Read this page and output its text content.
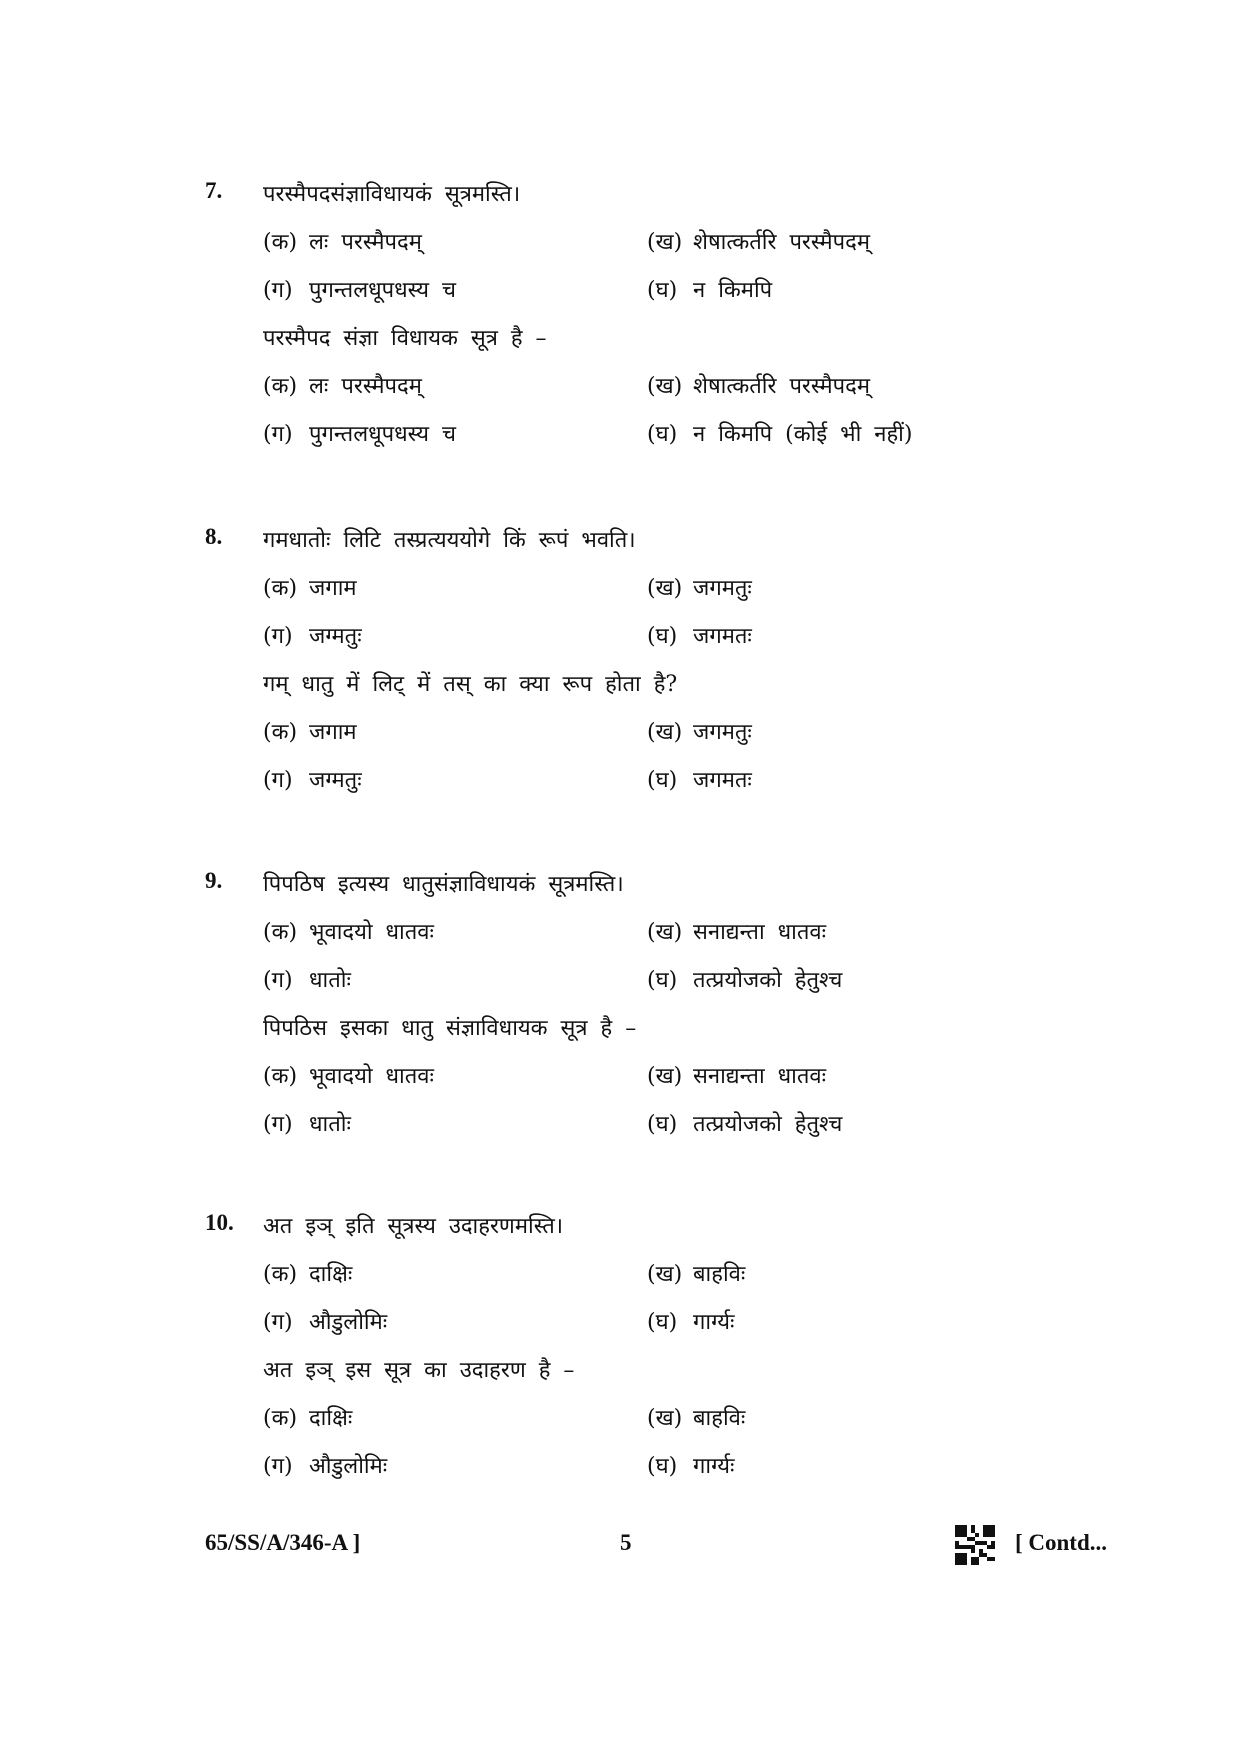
7. परस्मैपदसंज्ञाविधायकं सूत्रमस्ति।
(क) लः परस्मैपदम्	(ख) शेषात्कर्तरि परस्मैपदम्
(ग) पुगन्तलधूपधस्य च	(घ) न किमपि
परस्मैपद संज्ञा विधायक सूत्र है –
(क) लः परस्मैपदम्	(ख) शेषात्कर्तरि परस्मैपदम्
(ग) पुगन्तलधूपधस्य च	(घ) न किमपि (कोई भी नहीं)
8. गमधातोः लिटि तस्प्रत्यययोगे किं रूपं भवति।
(क) जगाम	(ख) जगमतुः
(ग) जग्मतुः	(घ) जगमतः
गम् धातु में लिट् में तस् का क्या रूप होता है?
(क) जगाम	(ख) जगमतुः
(ग) जग्मतुः	(घ) जगमतः
9. पिपठिष इत्यस्य धातुसंज्ञाविधायकं सूत्रमस्ति।
(क) भूवादयो धातवः	(ख) सनाद्यन्ता धातवः
(ग) धातोः	(घ) तत्प्रयोजको हेतुश्च
पिपठिस इसका धातु संज्ञाविधायक सूत्र है –
(क) भूवादयो धातवः	(ख) सनाद्यन्ता धातवः
(ग) धातोः	(घ) तत्प्रयोजको हेतुश्च
10. अत इञ् इति सूत्रस्य उदाहरणमस्ति।
(क) दाक्षिः	(ख) बाहविः
(ग) औडुलोमिः	(घ) गार्ग्यः
अत इञ् इस सूत्र का उदाहरण है –
(क) दाक्षिः	(ख) बाहविः
(ग) औडुलोमिः	(घ) गार्ग्यः
65/SS/A/346-A ]	5	[ Contd...
